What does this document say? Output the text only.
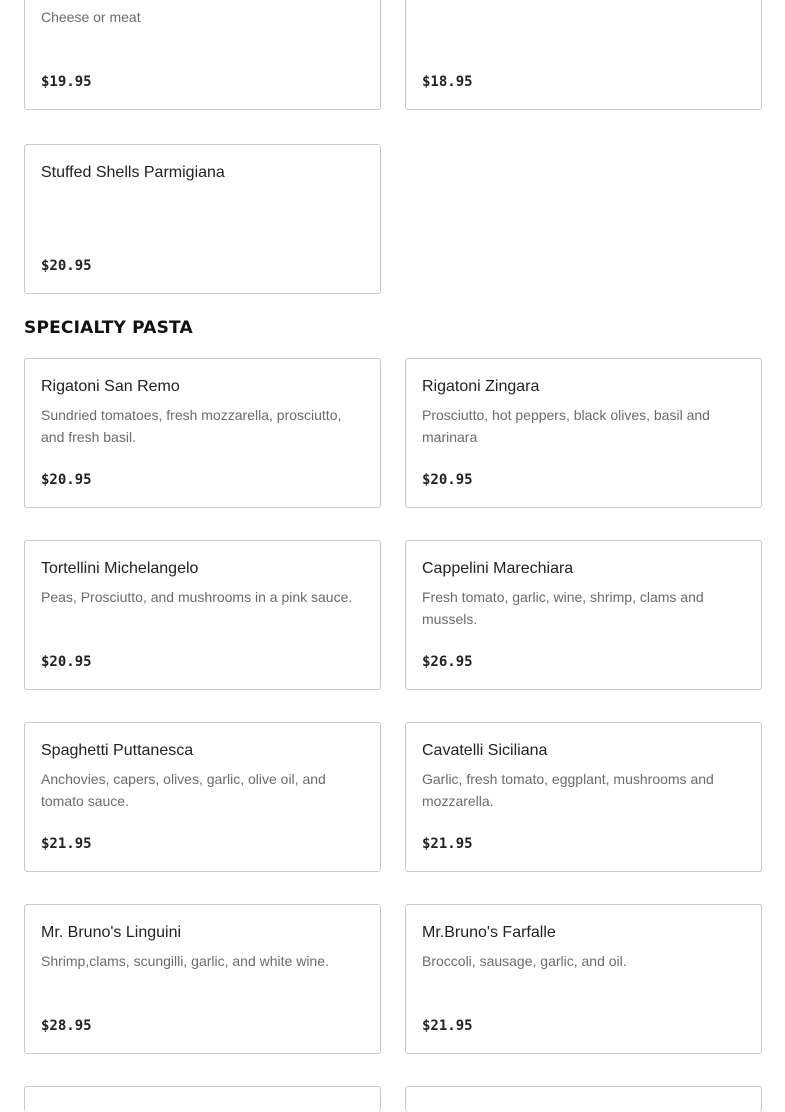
Cheese or meat
$19.95	$18.95
Stuffed Shells Parmigiana
$20.95
SPECIALTY PASTA
Rigatoni San Remo
Sundried tomatoes, fresh mozzarella, prosciutto, and fresh basil.
$20.95
Rigatoni Zingara
Prosciutto, hot peppers, black olives, basil and marinara
$20.95
Tortellini Michelangelo
Peas, Prosciutto, and mushrooms in a pink sauce.
$20.95
Cappelini Marechiara
Fresh tomato, garlic, wine, shrimp, clams and mussels.
$26.95
Spaghetti Puttanesca
Anchovies, capers, olives, garlic, olive oil, and tomato sauce.
$21.95
Cavatelli Siciliana
Garlic, fresh tomato, eggplant, mushrooms and mozzarella.
$21.95
Mr. Bruno's Linguini
Shrimp,clams, scungilli, garlic, and white wine.
$28.95
Mr.Bruno's Farfalle
Broccoli, sausage, garlic, and oil.
$21.95
